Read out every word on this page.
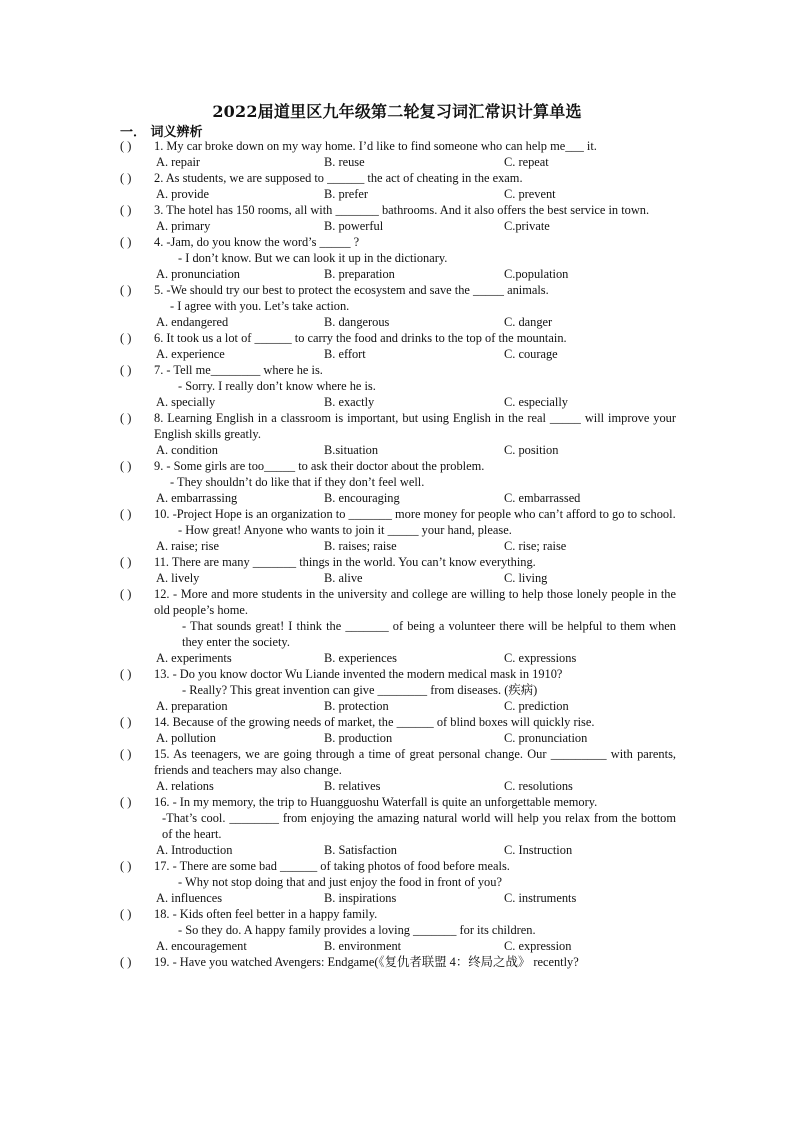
2022届道里区九年级第二轮复习词汇常识计算单选
一． 词义辨析
( )	1. My car broke down on my way home. I’d like to find someone who can help me___ it.
A. repair	B. reuse	C. repeat
( )	2. As students, we are supposed to ______ the act of cheating in the exam.
A. provide	B. prefer	C. prevent
( )	3. The hotel has 150 rooms, all with _______ bathrooms. And it also offers the best service in town.
A. primary	B. powerful	C.private
( )	4. -Jam, do you know the word’s _____ ?
- I don’t know. But we can look it up in the dictionary.
A. pronunciation	B. preparation	C.population
( )	5. -We should try our best to protect the ecosystem and save the _____ animals.
- I agree with you. Let’s take action.
A. endangered	B. dangerous	C. danger
( )	6. It took us a lot of ______ to carry the food and drinks to the top of the mountain.
A. experience	B. effort	C. courage
( )	7. - Tell me________ where he is.
- Sorry. I really don’t know where he is.
A. specially	B. exactly	C. especially
( )	8. Learning English in a classroom is important, but using English in the real _____ will improve your English skills greatly.
A. condition	B.situation	C. position
( )	9. - Some girls are too_____ to ask their doctor about the problem.
- They shouldn’t do like that if they don’t feel well.
A. embarrassing	B. encouraging	C. embarrassed
( )	10. -Project Hope is an organization to _______ more money for people who can’t afford to go to school.
- How great! Anyone who wants to join it _____ your hand, please.
A. raise; rise	B. raises; raise	C. rise; raise
( )	11. There are many _______ things in the world. You can’t know everything.
A. lively	B. alive	C. living
( )	12. - More and more students in the university and college are willing to help those lonely people in the old people’s home.
- That sounds great! I think the _______ of being a volunteer there will be helpful to them when they enter the society.
A. experiments	B. experiences	C. expressions
( )	13. - Do you know doctor Wu Liande invented the modern medical mask in 1910?
- Really? This great invention can give ________ from diseases. (疾病)
A. preparation	B. protection	C. prediction
( )	14. Because of the growing needs of market, the ______ of blind boxes will quickly rise.
A. pollution	B. production	C. pronunciation
( )	15. As teenagers, we are going through a time of great personal change. Our _________ with parents, friends and teachers may also change.
A. relations	B. relatives	C. resolutions
( )	16. - In my memory, the trip to Huangguoshu Waterfall is quite an unforgettable memory.
-That’s cool. ________ from enjoying the amazing natural world will help you relax from the bottom of the heart.
A. Introduction	B. Satisfaction	C. Instruction
( )	17. - There are some bad ______ of taking photos of food before meals.
- Why not stop doing that and just enjoy the food in front of you?
A. influences	B. inspirations	C. instruments
( )	18. - Kids often feel better in a happy family.
- So they do. A happy family provides a loving _______ for its children.
A. encouragement	B. environment	C. expression
( )	19. - Have you watched Avengers: Endgame(《复仇者联盟 4：终局之战》 recently?
